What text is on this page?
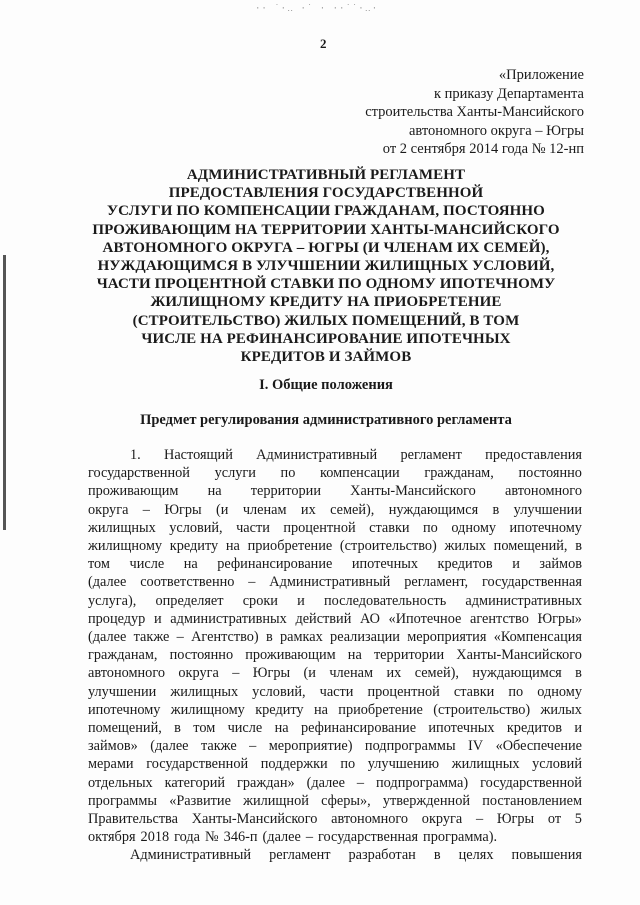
·· ˙·‥ ·˙ · ··˙˙·‥·
2
«Приложение
к приказу Департамента
строительства Ханты-Мансийского
автономного округа – Югры
от 2 сентября 2014 года № 12-нп
АДМИНИСТРАТИВНЫЙ РЕГЛАМЕНТ
ПРЕДОСТАВЛЕНИЯ ГОСУДАРСТВЕННОЙ
УСЛУГИ ПО КОМПЕНСАЦИИ ГРАЖДАНАМ, ПОСТОЯННО
ПРОЖИВАЮЩИМ НА ТЕРРИТОРИИ ХАНТЫ-МАНСИЙСКОГО
АВТОНОМНОГО ОКРУГА – ЮГРЫ (И ЧЛЕНАМ ИХ СЕМЕЙ),
НУЖДАЮЩИМСЯ В УЛУЧШЕНИИ ЖИЛИЩНЫХ УСЛОВИЙ,
ЧАСТИ ПРОЦЕНТНОЙ СТАВКИ ПО ОДНОМУ ИПОТЕЧНОМУ
ЖИЛИЩНОМУ КРЕДИТУ НА ПРИОБРЕТЕНИЕ
(СТРОИТЕЛЬСТВО) ЖИЛЫХ ПОМЕЩЕНИЙ, В ТОМ
ЧИСЛЕ НА РЕФИНАНСИРОВАНИЕ ИПОТЕЧНЫХ
КРЕДИТОВ И ЗАЙМОВ
I. Общие положения
Предмет регулирования административного регламента
1. Настоящий Административный регламент предоставления
государственной услуги по компенсации гражданам, постоянно
проживающим на территории Ханты-Мансийского автономного
округа – Югры (и членам их семей), нуждающимся в улучшении
жилищных условий, части процентной ставки по одному ипотечному
жилищному кредиту на приобретение (строительство) жилых помещений, в
том числе на рефинансирование ипотечных кредитов и займов
(далее соответственно – Административный регламент, государственная
услуга), определяет сроки и последовательность административных
процедур и административных действий АО «Ипотечное агентство Югры»
(далее также – Агентство) в рамках реализации мероприятия «Компенсация
гражданам, постоянно проживающим на территории Ханты-Мансийского
автономного округа – Югры (и членам их семей), нуждающимся в
улучшении жилищных условий, части процентной ставки по одному
ипотечному жилищному кредиту на приобретение (строительство) жилых
помещений, в том числе на рефинансирование ипотечных кредитов и
займов» (далее также – мероприятие) подпрограммы IV «Обеспечение
мерами государственной поддержки по улучшению жилищных условий
отдельных категорий граждан» (далее – подпрограмма) государственной
программы «Развитие жилищной сферы», утвержденной постановлением
Правительства Ханты-Мансийского автономного округа – Югры от 5
октября 2018 года № 346-п (далее – государственная программа).
Административный регламент разработан в целях повышения
